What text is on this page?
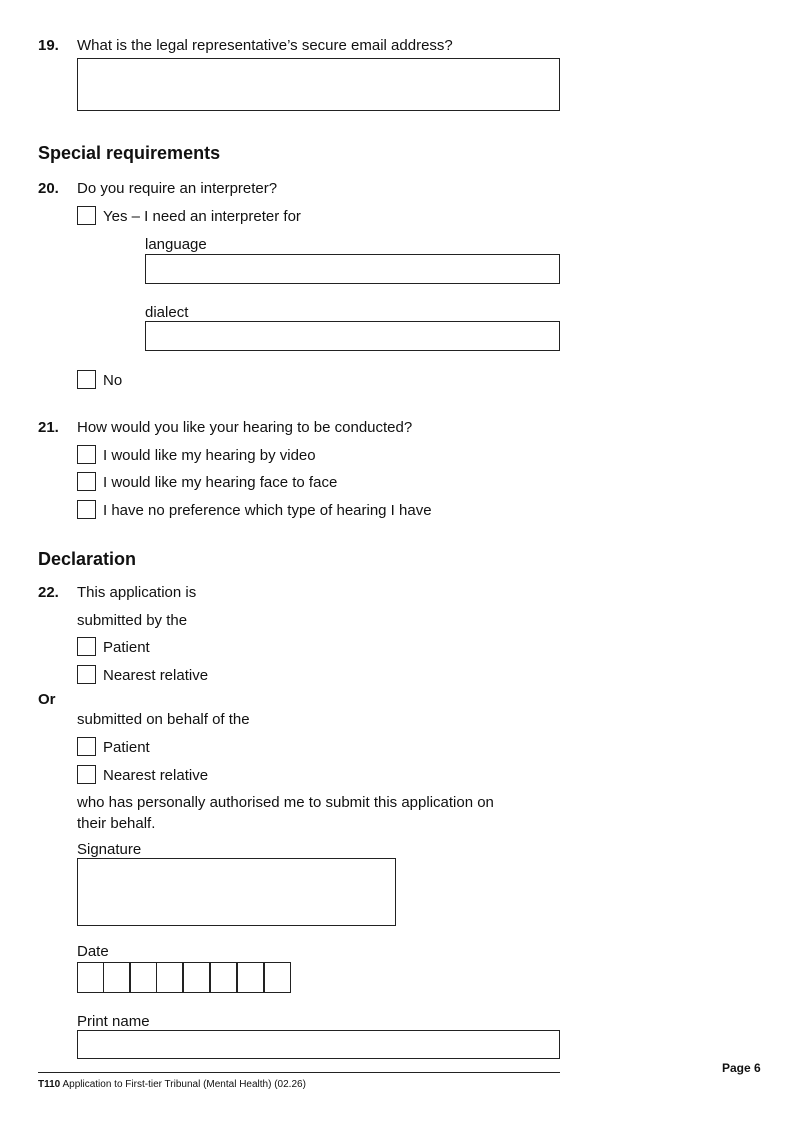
19. What is the legal representative’s secure email address?
Special requirements
20. Do you require an interpreter?
Yes – I need an interpreter for
language
dialect
No
21. How would you like your hearing to be conducted?
I would like my hearing by video
I would like my hearing face to face
I have no preference which type of hearing I have
Declaration
22. This application is
submitted by the
Patient
Nearest relative
Or
submitted on behalf of the
Patient
Nearest relative
who has personally authorised me to submit this application on
their behalf.
Signature
Date
Print name
T110 Application to First-tier Tribunal (Mental Health) (02.26)
Page 6
